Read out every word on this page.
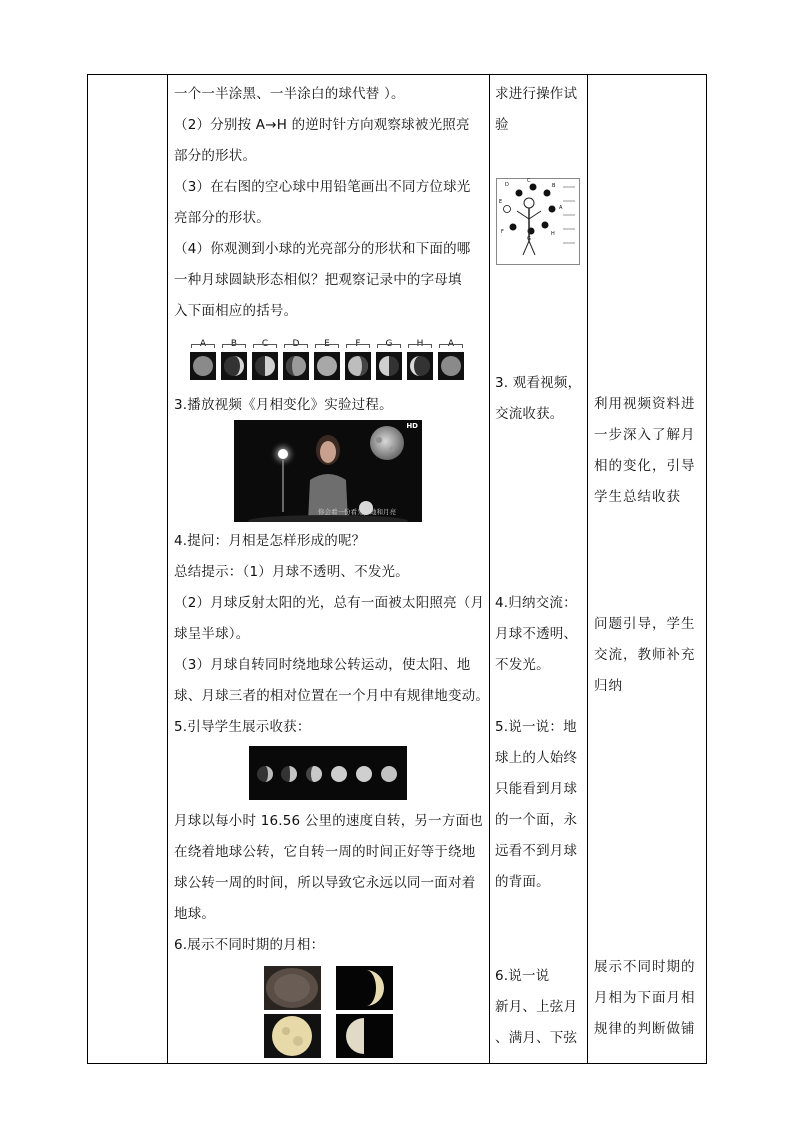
一个一半涂黑、一半涂白的球代替 ）。
（2）分别按 A→H 的逆时针方向观察球被光照亮
部分的形状。
（3）在右图的空心球中用铅笔画出不同方位球光
亮部分的形状。
（4）你观测到小球的光亮部分的形状和下面的哪
一种月球圆缺形态相似？把观察记录中的字母填
入下面相应的括号。
A	B	C	D	E	F	G	H	A
3.播放视频《月相变化》实验过程。
HD
你会看一份看光，地和月亮
4.提问：月相是怎样形成的呢？
总结提示：（1）月球不透明、不发光。
（2）月球反射太阳的光，总有一面被太阳照亮（月
球呈半球）。
（3）月球自转同时绕地球公转运动，使太阳、地
球、月球三者的相对位置在一个月中有规律地变动。
5.引导学生展示收获：
月球以每小时 16.56 公里的速度自转，另一方面也
在绕着地球公转，它自转一周的时间正好等于绕地
球公转一周的时间，所以导致它永远以同一面对着
地球。
6.展示不同时期的月相：
求进行操作试
验
D
C
B
E
A
F
G
H
3. 观看视频，
交流收获。
4.归纳交流：
月球不透明、
不发光。
5.说一说：地
球上的人始终
只能看到月球
的一个面，永
远看不到月球
的背面。
6.说一说
新月、上弦月
、满月、下弦
利用视频资料进
一步深入了解月
相的变化，引导
学生总结收获
问题引导，学生
交流，教师补充
归纳
展示不同时期的
月相为下面月相
规律的判断做铺
